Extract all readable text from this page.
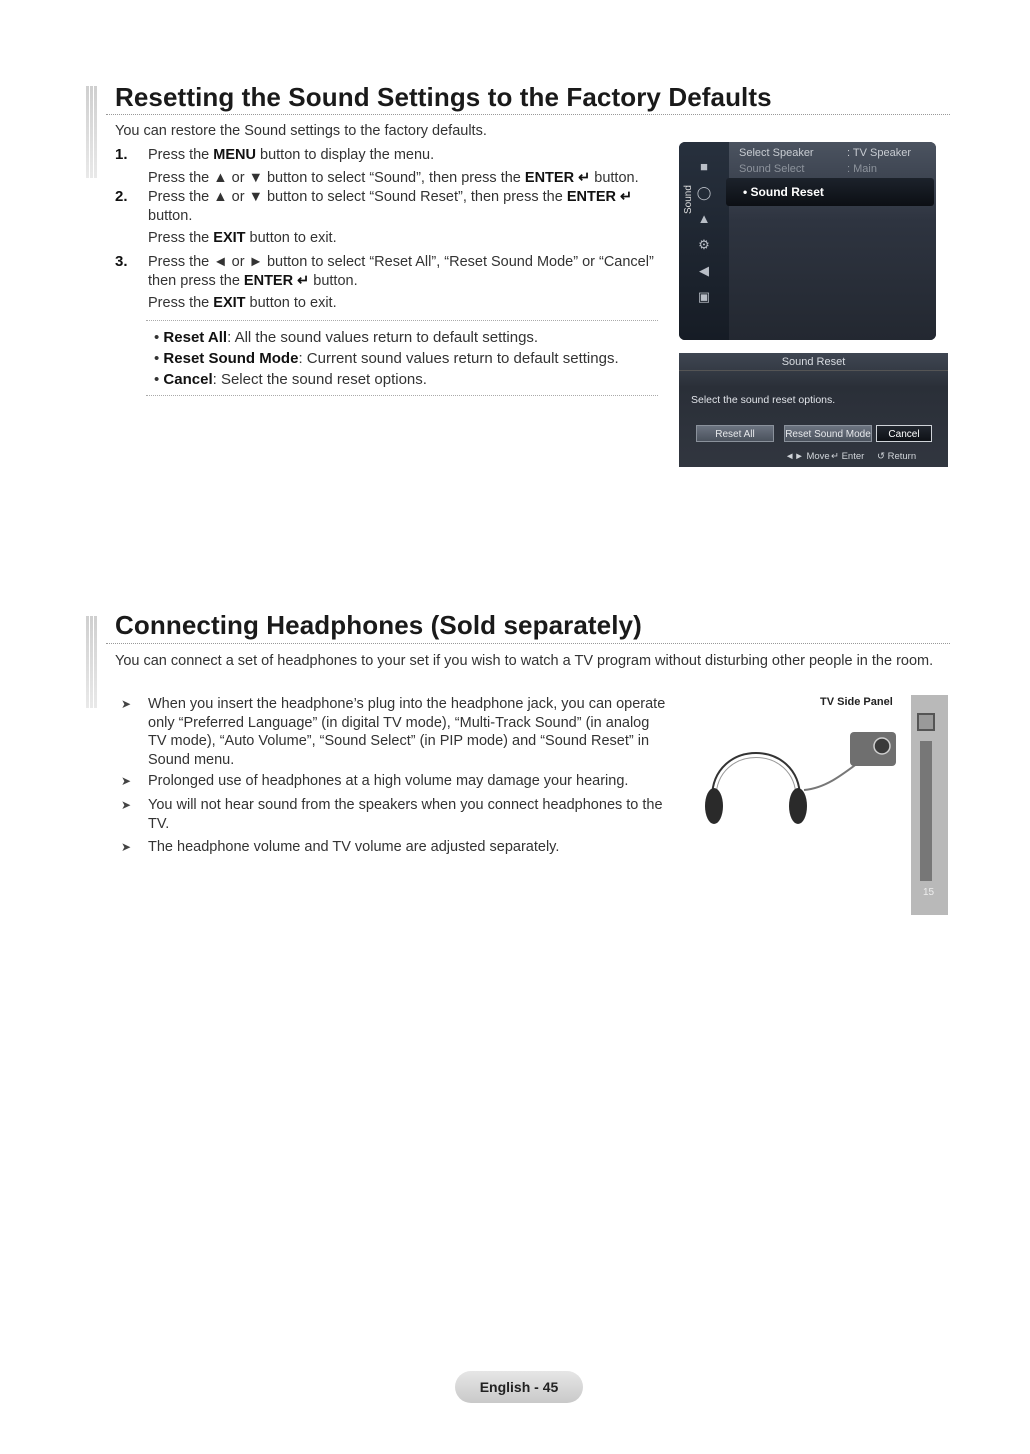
Resetting the Sound Settings to the Factory Defaults

You can restore the Sound settings to the factory defaults.

1. Press the MENU button to display the menu.

Press the ▲ or ▼ button to select “Sound”, then press the ENTER ↵ button.

2. Press the ▲ or ▼ button to select “Sound Reset”, then press the ENTER ↵ button.

Press the EXIT button to exit.

3. Press the ◄ or ► button to select “Reset All”, “Reset Sound Mode” or “Cancel” then press the ENTER ↵ button.

Press the EXIT button to exit.

• Reset All: All the sound values return to default settings.
• Reset Sound Mode: Current sound values return to default settings.
• Cancel: Select the sound reset options.
■
◯
▲
⚙
◀
▣
Sound
Select Speaker	: TV Speaker
Sound Select	: Main
• Sound Reset
Sound Reset
Select the sound reset options.
Reset All	Reset Sound Mode	Cancel
◄► Move ↵ Enter ↺ Return
Connecting Headphones (Sold separately)

You can connect a set of headphones to your set if you wish to watch a TV program without disturbing other people in the room.

➤ When you insert the headphone’s plug into the headphone jack, you can operate only “Preferred Language” (in digital TV mode), “Multi-Track Sound” (in analog TV mode), “Auto Volume”, “Sound Select” (in PIP mode) and “Sound Reset” in Sound menu.
➤ Prolonged use of headphones at a high volume may damage your hearing.
➤ You will not hear sound from the speakers when you connect headphones to the TV.
➤ The headphone volume and TV volume are adjusted separately.
TV Side Panel
15
English - 45
